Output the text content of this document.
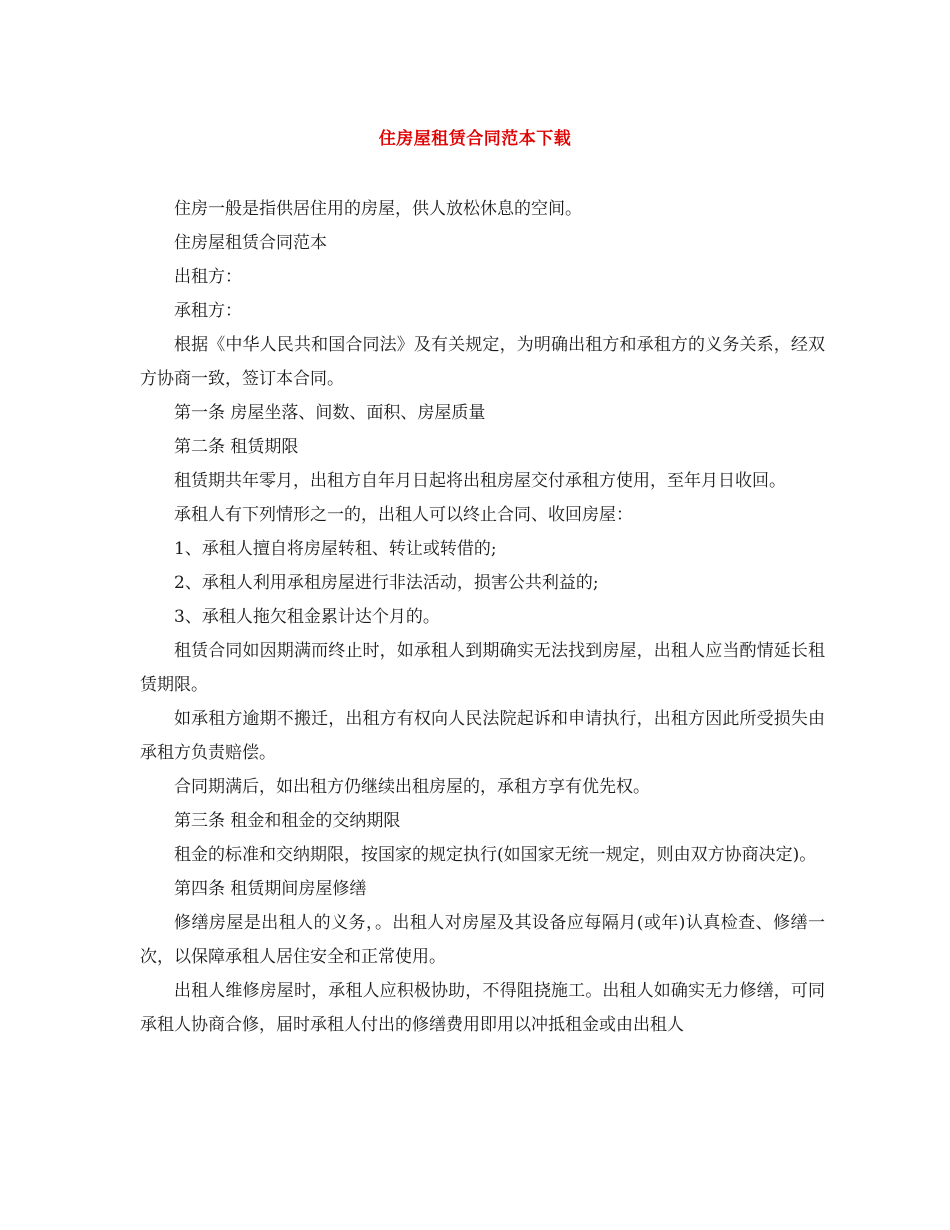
住房屋租赁合同范本下载

住房一般是指供居住用的房屋，供人放松休息的空间。

住房屋租赁合同范本

出租方：

承租方：

根据《中华人民共和国合同法》及有关规定，为明确出租方和承租方的义务关系，经双方协商一致，签订本合同。

第一条 房屋坐落、间数、面积、房屋质量

第二条 租赁期限

租赁期共年零月，出租方自年月日起将出租房屋交付承租方使用，至年月日收回。

承租人有下列情形之一的，出租人可以终止合同、收回房屋：

1、承租人擅自将房屋转租、转让或转借的;

2、承租人利用承租房屋进行非法活动，损害公共利益的;

3、承租人拖欠租金累计达个月的。

租赁合同如因期满而终止时，如承租人到期确实无法找到房屋，出租人应当酌情延长租赁期限。

如承租方逾期不搬迁，出租方有权向人民法院起诉和申请执行，出租方因此所受损失由承租方负责赔偿。

合同期满后，如出租方仍继续出租房屋的，承租方享有优先权。

第三条 租金和租金的交纳期限

租金的标准和交纳期限，按国家的规定执行(如国家无统一规定，则由双方协商决定)。

第四条 租赁期间房屋修缮

修缮房屋是出租人的义务，。出租人对房屋及其设备应每隔月(或年)认真检查、修缮一次，以保障承租人居住安全和正常使用。

出租人维修房屋时，承租人应积极协助，不得阻挠施工。出租人如确实无力修缮，可同承租人协商合修，届时承租人付出的修缮费用即用以冲抵租金或由出租人
